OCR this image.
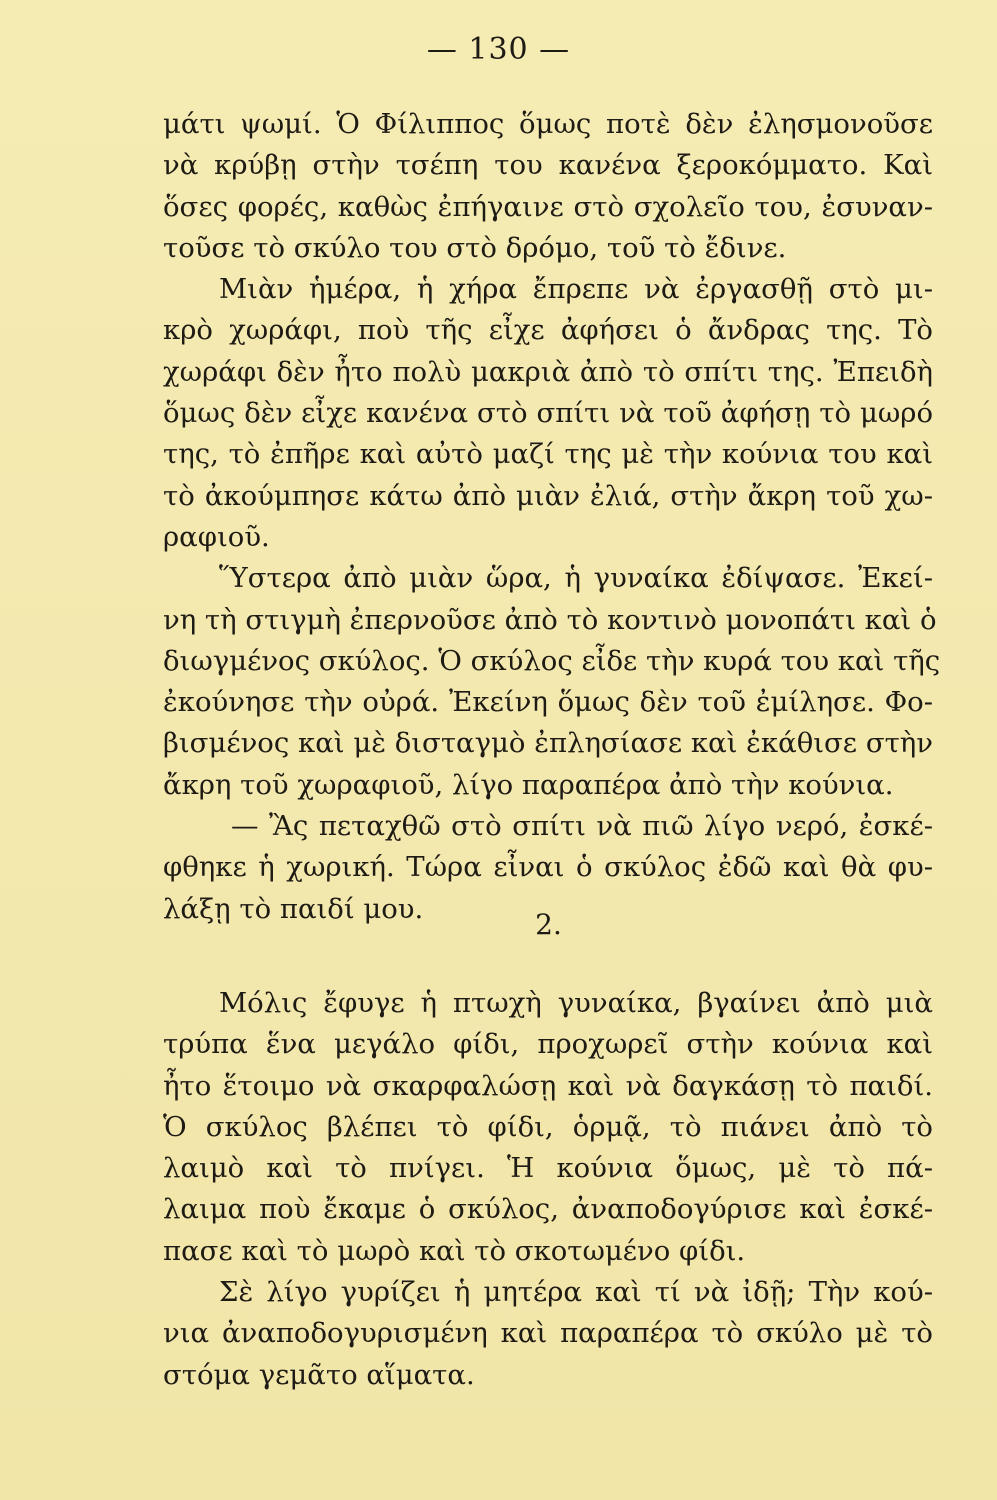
— 130 —
μάτι ψωμί. Ὁ Φίλιππος ὅμως ποτὲ δὲν ἐλησμονοῦσε
νὰ κρύβῃ στὴν τσέπη του κανένα ξεροκόμματο. Καὶ
ὅσες φορές, καθὼς ἐπήγαινε στὸ σχολεῖο του, ἐσυναν-
τοῦσε τὸ σκύλο του στὸ δρόμο, τοῦ τὸ ἔδινε.
Μιὰν ἡμέρα, ἡ χήρα ἔπρεπε νὰ ἐργασθῇ στὸ μι-
κρὸ χωράφι, ποὺ τῆς εἶχε ἀφήσει ὁ ἄνδρας της. Τὸ
χωράφι δὲν ἦτο πολὺ μακριὰ ἀπὸ τὸ σπίτι της. Ἐπειδὴ
ὅμως δὲν εἶχε κανένα στὸ σπίτι νὰ τοῦ ἀφήσῃ τὸ μωρό
της, τὸ ἐπῆρε καὶ αὐτὸ μαζί της μὲ τὴν κούνια του καὶ
τὸ ἀκούμπησε κάτω ἀπὸ μιὰν ἐλιά, στὴν ἄκρη τοῦ χω-
ραφιοῦ.
Ὕστερα ἀπὸ μιὰν ὥρα, ἡ γυναίκα ἐδίψασε. Ἐκεί-
νη τὴ στιγμὴ ἐπερνοῦσε ἀπὸ τὸ κοντινὸ μονοπάτι καὶ ὁ
διωγμένος σκύλος. Ὁ σκύλος εἶδε τὴν κυρά του καὶ τῆς
ἐκούνησε τὴν οὐρά. Ἐκείνη ὅμως δὲν τοῦ ἐμίλησε. Φο-
βισμένος καὶ μὲ δισταγμὸ ἐπλησίασε καὶ ἐκάθισε στὴν
ἄκρη τοῦ χωραφιοῦ, λίγο παραπέρα ἀπὸ τὴν κούνια.
— Ἂς πεταχθῶ στὸ σπίτι νὰ πιῶ λίγο νερό, ἐσκέ-
φθηκε ἡ χωρική. Τώρα εἶναι ὁ σκύλος ἐδῶ καὶ θὰ φυ-
λάξῃ τὸ παιδί μου.	2.
Μόλις ἔφυγε ἡ πτωχὴ γυναίκα, βγαίνει ἀπὸ μιὰ
τρύπα ἕνα μεγάλο φίδι, προχωρεῖ στὴν κούνια καὶ
ἦτο ἕτοιμο νὰ σκαρφαλώσῃ καὶ νὰ δαγκάσῃ τὸ παιδί.
Ὁ σκύλος βλέπει τὸ φίδι, ὁρμᾷ, τὸ πιάνει ἀπὸ τὸ
λαιμὸ καὶ τὸ πνίγει. Ἡ κούνια ὅμως, μὲ τὸ πά-
λαιμα ποὺ ἔκαμε ὁ σκύλος, ἀναποδογύρισε καὶ ἐσκέ-
πασε καὶ τὸ μωρὸ καὶ τὸ σκοτωμένο φίδι.
Σὲ λίγο γυρίζει ἡ μητέρα καὶ τί νὰ ἰδῇ; Τὴν κού-
νια ἀναποδογυρισμένη καὶ παραπέρα τὸ σκύλο μὲ τὸ
στόμα γεμᾶτο αἵματα.
